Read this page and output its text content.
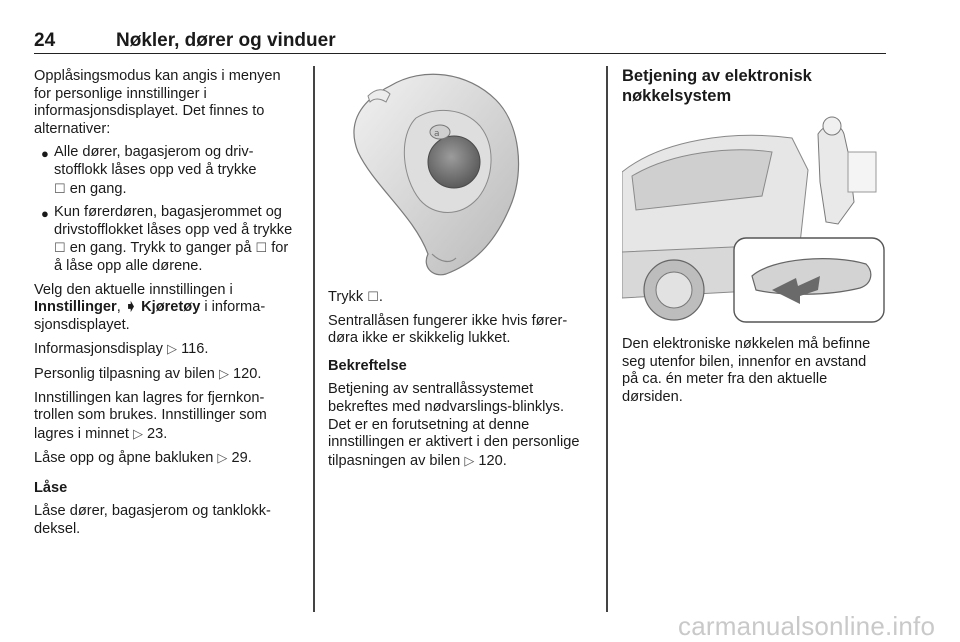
24	Nøkler, dører og vinduer

Opplåsingsmodus kan angis i menyen for personlige innstillinger i informasjonsdisplayet. Det finnes to alternativer:

● Alle dører, bagasjerom og drivstofflokk låses opp ved å trykke
☐ en gang.
● Kun førerdøren, bagasjerommet og drivstofflokket låses opp ved å trykke ☐ en gang. Trykk to ganger på ☐ for å låse opp alle dørene.

Velg den aktuelle innstillingen i
Innstillinger, ➧ Kjøretøy i informasjonsdisplayet.

Informasjonsdisplay ▷ 116.

Personlig tilpasning av bilen ▷ 120.

Innstillingen kan lagres for fjernkontrollen som brukes. Innstillinger som lagres i minnet ▷ 23.

Låse opp og åpne bakluken ▷ 29.

Låse

Låse dører, bagasjerom og tanklokkdeksel.

a

Trykk ☐.

Sentrallåsen fungerer ikke hvis førerdøra ikke er skikkelig lukket.

Bekreftelse

Betjening av sentrallåssystemet bekreftes med nødvarslings-blinklys. Det er en forutsetning at denne innstillingen er aktivert i den personlige tilpasningen av bilen ▷ 120.

Betjening av elektronisk nøkkelsystem

Den elektroniske nøkkelen må befinne seg utenfor bilen, innenfor en avstand på ca. én meter fra den aktuelle dørsiden.

carmanualsonline.info
